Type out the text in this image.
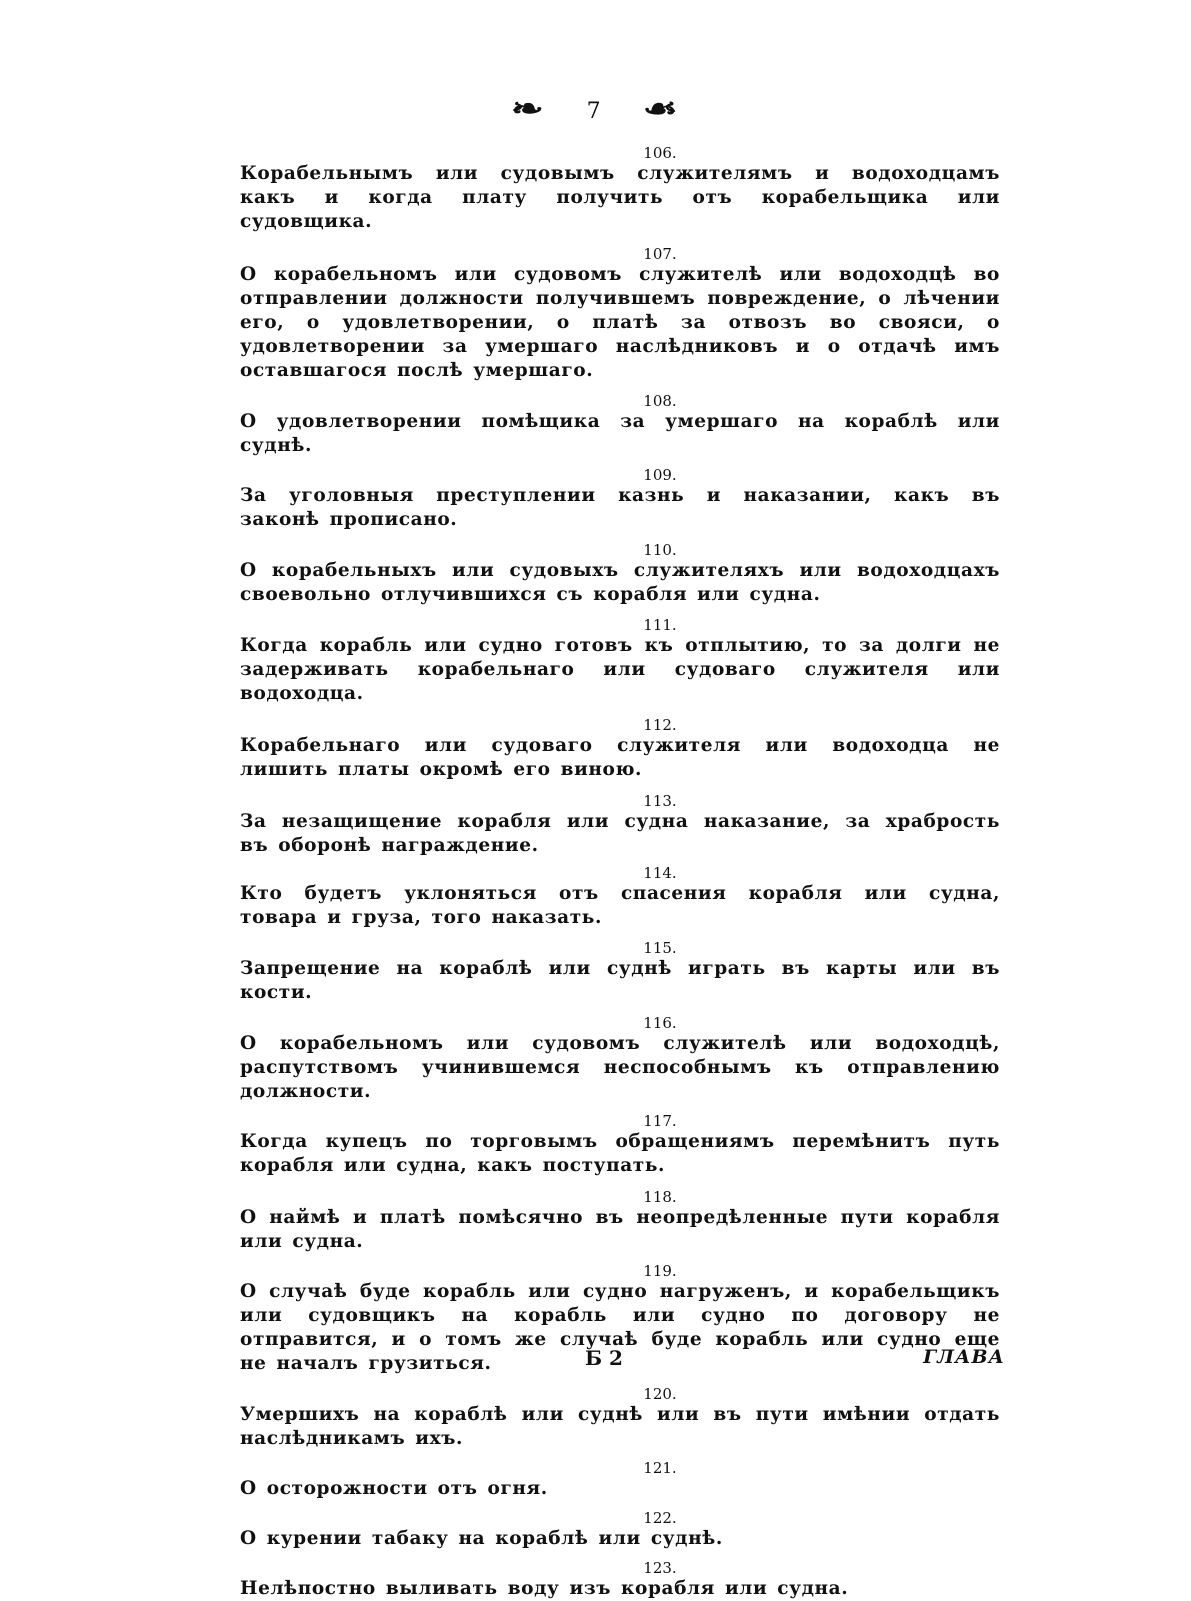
❧ 7 ☙
106.
Корабельнымъ или судовымъ служителямъ и водоходцамъ какъ и когда плату получить отъ корабельщика или судовщика.
107.
О корабельномъ или судовомъ служителѣ или водоходцѣ во отправлении должности получившемъ повреждение, о лѣчении его, о удовлетворении, о платѣ за отвозъ во свояси, о удовлетворении за умершаго наслѣдниковъ и о отдачѣ имъ оставшагося послѣ умершаго.
108.
О удовлетворении помѣщика за умершаго на кораблѣ или суднѣ.
109.
За уголовныя преступлении казнь и наказании, какъ въ законѣ прописано.
110.
О корабельныхъ или судовыхъ служителяхъ или водоходцахъ своевольно отлучившихся съ корабля или судна.
111.
Когда корабль или судно готовъ къ отплытию, то за долги не задерживать корабельнаго или судоваго служителя или водоходца.
112.
Корабельнаго или судоваго служителя или водоходца не лишить платы окромѣ его виною.
113.
За незащищение корабля или судна наказание, за храбрость въ оборонѣ награждение.
114.
Кто будетъ уклоняться отъ спасения корабля или судна, товара и груза, того наказать.
115.
Запрещение на кораблѣ или суднѣ играть въ карты или въ кости.
116.
О корабельномъ или судовомъ служителѣ или водоходцѣ, распутствомъ учинившемся неспособнымъ къ отправлению должности.
117.
Когда купецъ по торговымъ обращениямъ перемѣнитъ путь корабля или судна, какъ поступать.
118.
О наймѣ и платѣ помѣсячно въ неопредѣленные пути корабля или судна.
119.
О случаѣ буде корабль или судно нагруженъ, и корабельщикъ или судовщикъ на корабль или судно по договору не отправится, и о томъ же случаѣ буде корабль или судно еще не началъ грузиться.
120.
Умершихъ на кораблѣ или суднѣ или въ пути имѣнии отдать наслѣдникамъ ихъ.
121.
О осторожности отъ огня.
122.
О курении табаку на кораблѣ или суднѣ.
123.
Нелѣпостно выливать воду изъ корабля или судна.
Б 2	ГЛАВА
